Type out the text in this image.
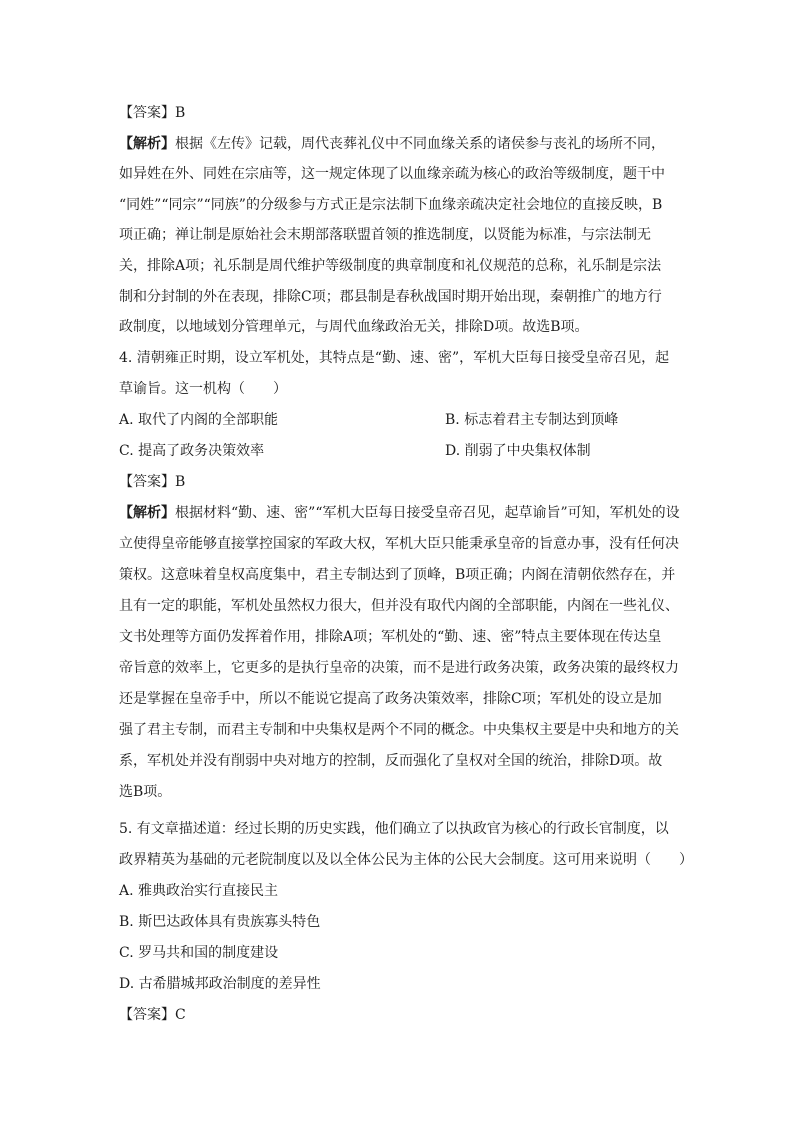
【答案】B
【解析】根据《左传》记载，周代丧葬礼仪中不同血缘关系的诸侯参与丧礼的场所不同，
如异姓在外、同姓在宗庙等，这一规定体现了以血缘亲疏为核心的政治等级制度，题干中
“同姓”“同宗”“同族”的分级参与方式正是宗法制下血缘亲疏决定社会地位的直接反映，B
项正确；禅让制是原始社会末期部落联盟首领的推选制度，以贤能为标准，与宗法制无
关，排除A项；礼乐制是周代维护等级制度的典章制度和礼仪规范的总称，礼乐制是宗法
制和分封制的外在表现，排除C项；郡县制是春秋战国时期开始出现，秦朝推广的地方行
政制度，以地域划分管理单元，与周代血缘政治无关，排除D项。故选B项。
4. 清朝雍正时期，设立军机处，其特点是“勤、速、密”，军机大臣每日接受皇帝召见，起
草谕旨。这一机构（　　）
A. 取代了内阁的全部职能	B. 标志着君主专制达到顶峰
C. 提高了政务决策效率	D. 削弱了中央集权体制
【答案】B
【解析】根据材料“勤、速、密”“军机大臣每日接受皇帝召见，起草谕旨”可知，军机处的设
立使得皇帝能够直接掌控国家的军政大权，军机大臣只能秉承皇帝的旨意办事，没有任何决
策权。这意味着皇权高度集中，君主专制达到了顶峰，B项正确；内阁在清朝依然存在，并
且有一定的职能，军机处虽然权力很大，但并没有取代内阁的全部职能，内阁在一些礼仪、
文书处理等方面仍发挥着作用，排除A项；军机处的“勤、速、密”特点主要体现在传达皇
帝旨意的效率上，它更多的是执行皇帝的决策，而不是进行政务决策，政务决策的最终权力
还是掌握在皇帝手中，所以不能说它提高了政务决策效率，排除C项；军机处的设立是加
强了君主专制，而君主专制和中央集权是两个不同的概念。中央集权主要是中央和地方的关
系，军机处并没有削弱中央对地方的控制，反而强化了皇权对全国的统治，排除D项。故
选B项。
5. 有文章描述道：经过长期的历史实践，他们确立了以执政官为核心的行政长官制度，以
政界精英为基础的元老院制度以及以全体公民为主体的公民大会制度。这可用来说明（　　）
A. 雅典政治实行直接民主
B. 斯巴达政体具有贵族寡头特色
C. 罗马共和国的制度建设
D. 古希腊城邦政治制度的差异性
【答案】C
